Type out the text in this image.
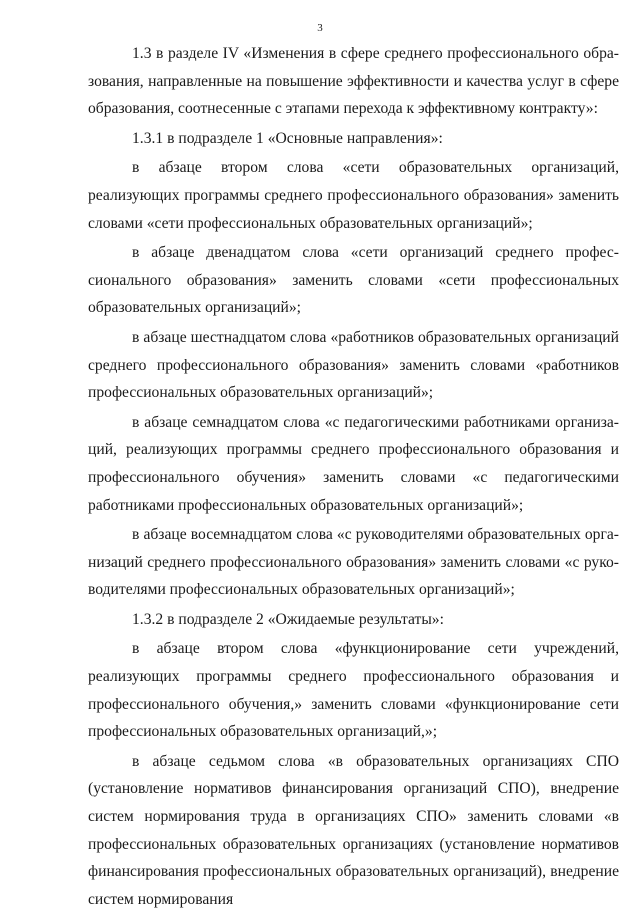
3

1.3 в разделе IV «Изменения в сфере среднего профессионального образования, направленные на повышение эффективности и качества услуг в сфере образования, соотнесенные с этапами перехода к эффективному контракту»:

1.3.1 в подразделе 1 «Основные направления»:

в абзаце втором слова «сети образовательных организаций, реализующих программы среднего профессионального образования» заменить словами «сети профессиональных образовательных организаций»;

в абзаце двенадцатом слова «сети организаций среднего профессионального образования» заменить словами «сети профессиональных образовательных организаций»;

в абзаце шестнадцатом слова «работников образовательных организаций среднего профессионального образования» заменить словами «работников профессиональных образовательных организаций»;

в абзаце семнадцатом слова «с педагогическими работниками организаций, реализующих программы среднего профессионального образования и профессионального обучения» заменить словами «с педагогическими работниками профессиональных образовательных организаций»;

в абзаце восемнадцатом слова «с руководителями образовательных организаций среднего профессионального образования» заменить словами «с руководителями профессиональных образовательных организаций»;

1.3.2 в подразделе 2 «Ожидаемые результаты»:

в абзаце втором слова «функционирование сети учреждений, реализующих программы среднего профессионального образования и профессионального обучения,» заменить словами «функционирование сети профессиональных образовательных организаций,»;

в абзаце седьмом слова «в образовательных организациях СПО (установление нормативов финансирования организаций СПО), внедрение систем нормирования труда в организациях СПО» заменить словами «в профессиональных образовательных организациях (установление нормативов финансирования профессиональных образовательных организаций), внедрение систем нормирования
